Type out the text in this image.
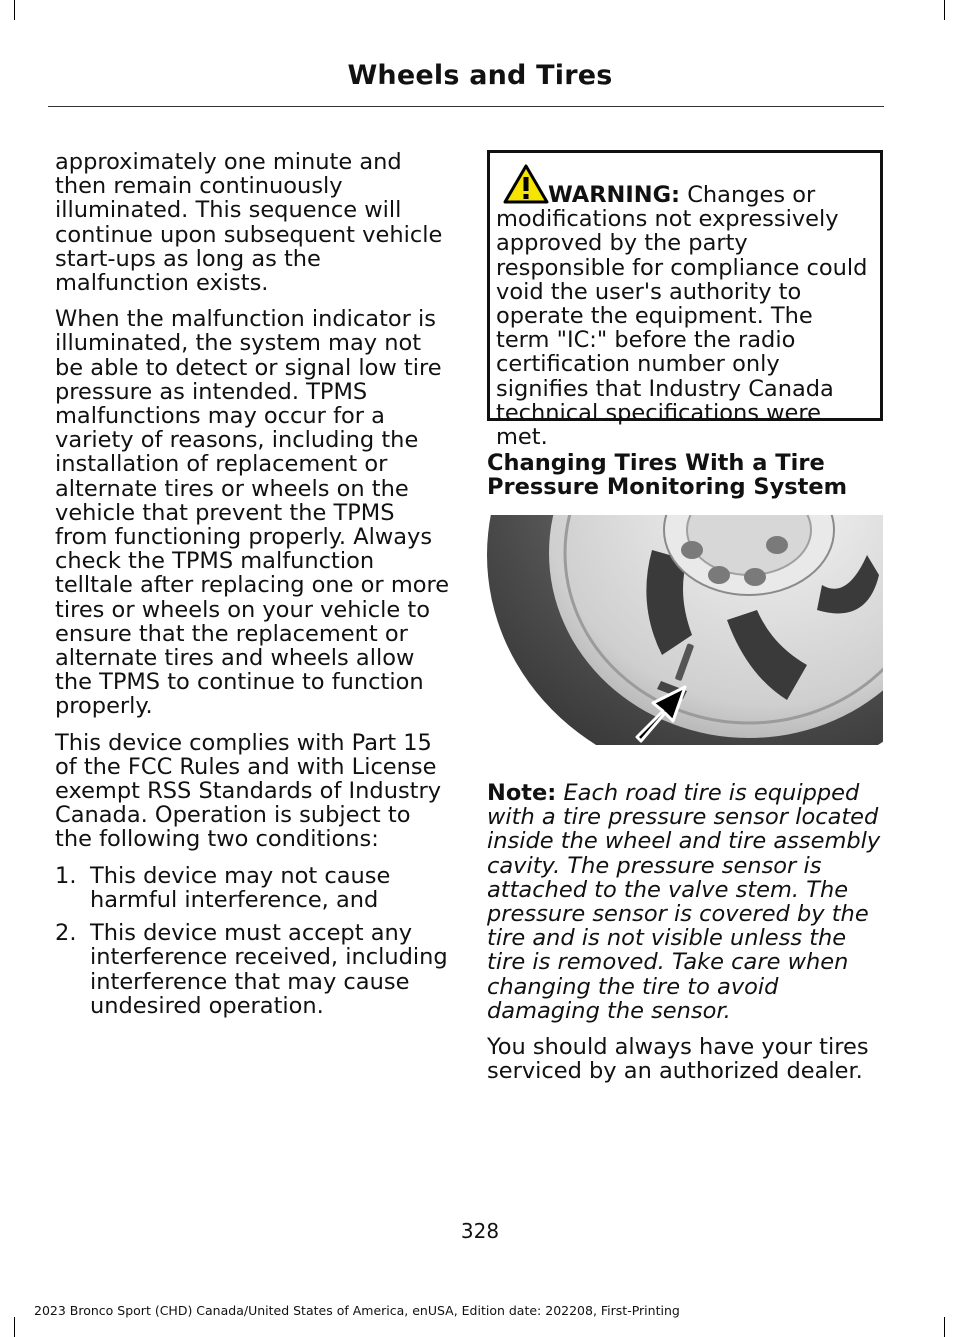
Wheels and Tires

approximately one minute and then remain continuously illuminated. This sequence will continue upon subsequent vehicle start-ups as long as the malfunction exists.

When the malfunction indicator is illuminated, the system may not be able to detect or signal low tire pressure as intended. TPMS malfunctions may occur for a variety of reasons, including the installation of replacement or alternate tires or wheels on the vehicle that prevent the TPMS from functioning properly. Always check the TPMS malfunction telltale after replacing one or more tires or wheels on your vehicle to ensure that the replacement or alternate tires and wheels allow the TPMS to continue to function properly.

This device complies with Part 15 of the FCC Rules and with License exempt RSS Standards of Industry Canada. Operation is subject to the following two conditions:

1. This device may not cause harmful interference, and
2. This device must accept any interference received, including interference that may cause undesired operation.

WARNING: Changes or modifications not expressively approved by the party responsible for compliance could void the user's authority to operate the equipment. The term "IC:" before the radio certification number only signifies that Industry Canada technical specifications were met.

Changing Tires With a Tire Pressure Monitoring System

Note: Each road tire is equipped with a tire pressure sensor located inside the wheel and tire assembly cavity. The pressure sensor is attached to the valve stem. The pressure sensor is covered by the tire and is not visible unless the tire is removed. Take care when changing the tire to avoid damaging the sensor.

You should always have your tires serviced by an authorized dealer.

328
2023 Bronco Sport (CHD) Canada/United States of America, enUSA, Edition date: 202208, First-Printing
